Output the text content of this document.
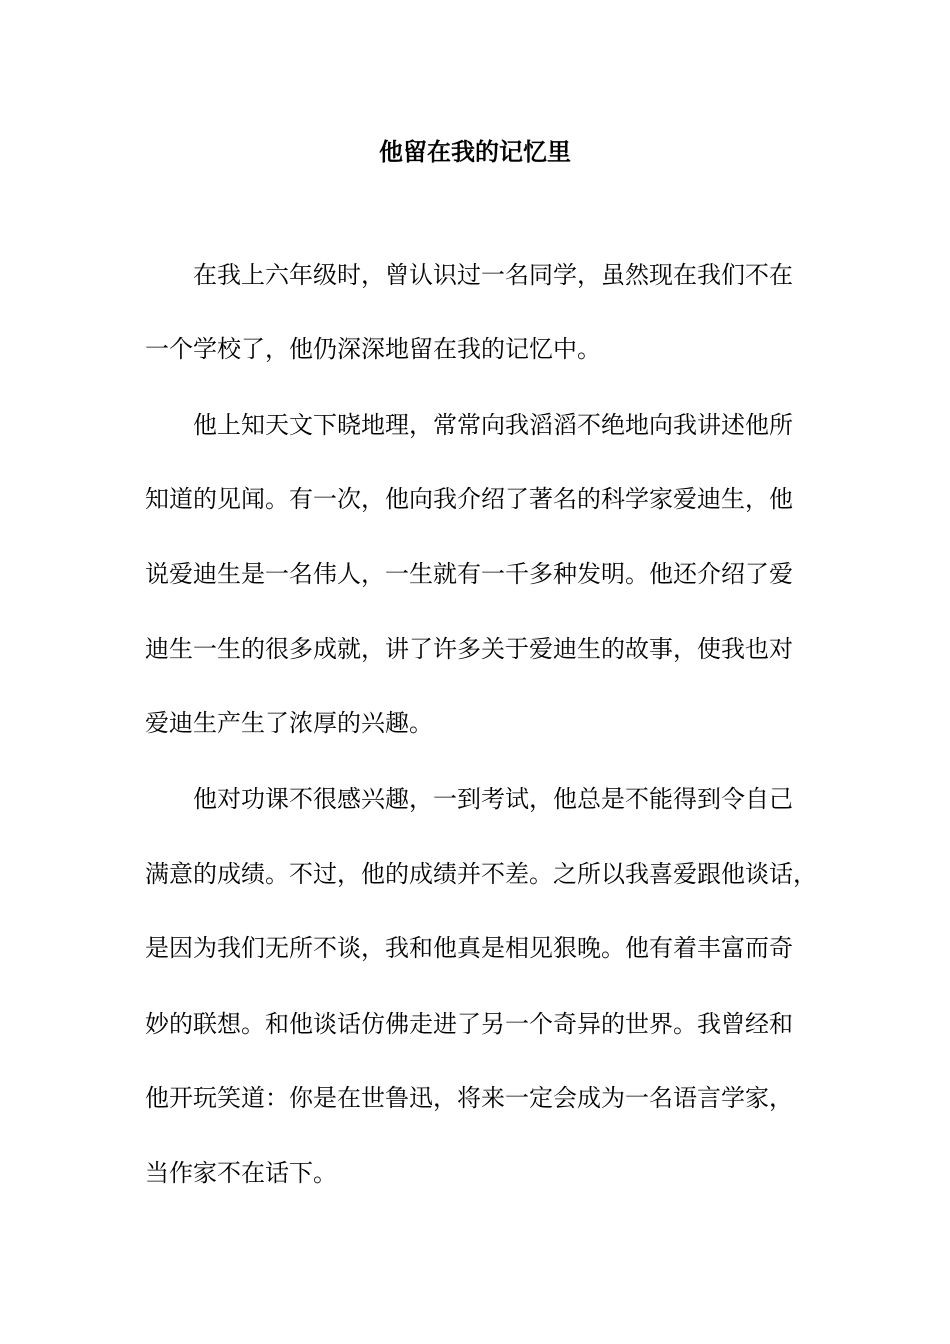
他留在我的记忆里
在我上六年级时，曾认识过一名同学，虽然现在我们不在
一个学校了，他仍深深地留在我的记忆中。
他上知天文下晓地理，常常向我滔滔不绝地向我讲述他所
知道的见闻。有一次，他向我介绍了著名的科学家爱迪生，他
说爱迪生是一名伟人，一生就有一千多种发明。他还介绍了爱
迪生一生的很多成就，讲了许多关于爱迪生的故事，使我也对
爱迪生产生了浓厚的兴趣。
他对功课不很感兴趣，一到考试，他总是不能得到令自己
满意的成绩。不过，他的成绩并不差。之所以我喜爱跟他谈话，
是因为我们无所不谈，我和他真是相见狠晚。他有着丰富而奇
妙的联想。和他谈话仿佛走进了另一个奇异的世界。我曾经和
他开玩笑道：你是在世鲁迅，将来一定会成为一名语言学家，
当作家不在话下。
